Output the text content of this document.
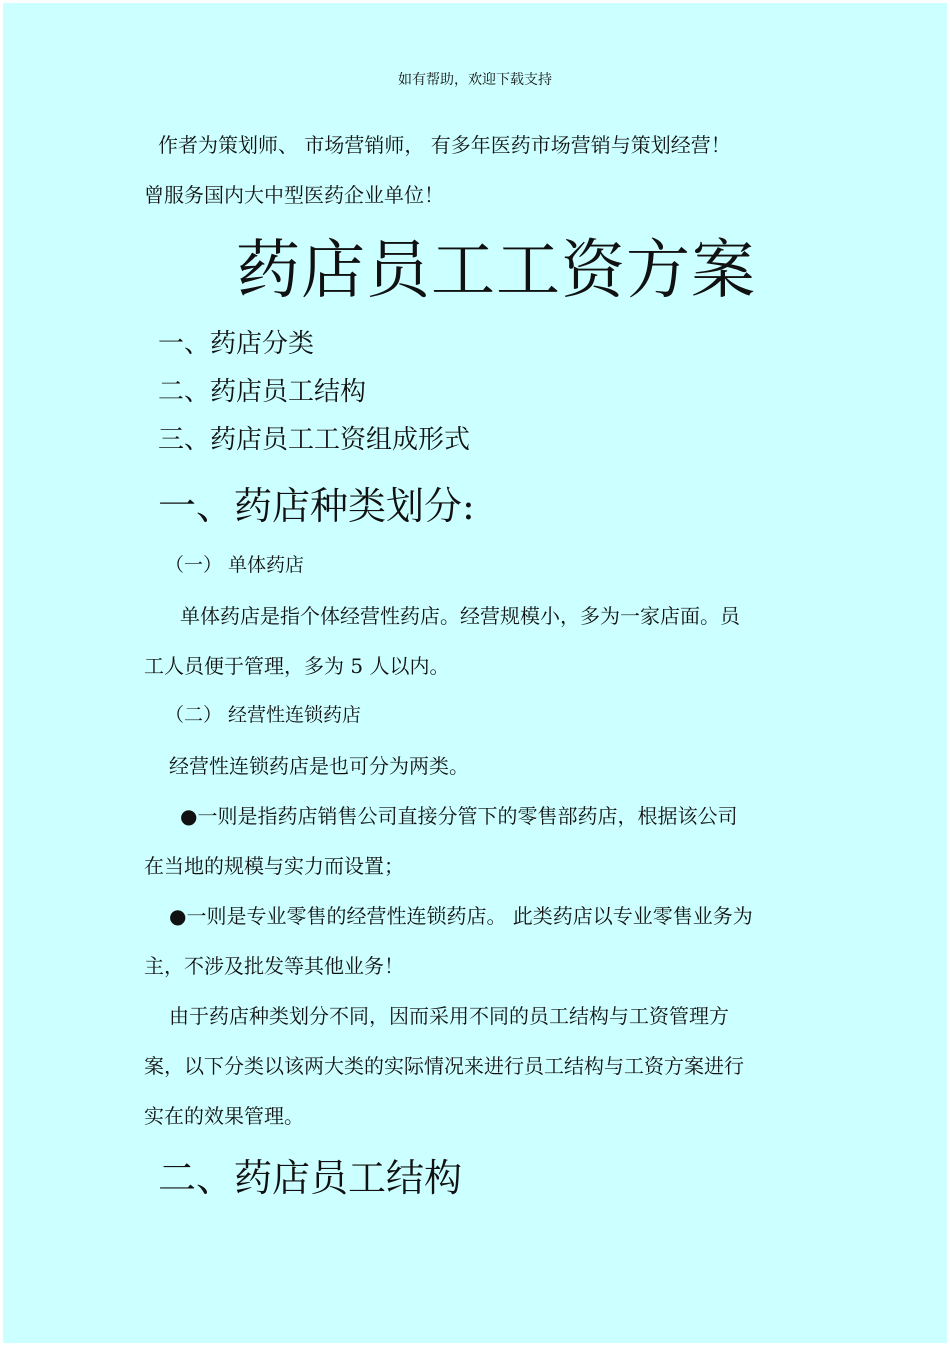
如有帮助，欢迎下载支持
作者为策划师、 市场营销师， 有多年医药市场营销与策划经营！
曾服务国内大中型医药企业单位！
药店员工工资方案
一、药店分类
二、药店员工结构
三、药店员工工资组成形式
一、药店种类划分:
（一） 单体药店
单体药店是指个体经营性药店。经营规模小，多为一家店面。员
工人员便于管理，多为 5 人以内。
（二） 经营性连锁药店
经营性连锁药店是也可分为两类。
●一则是指药店销售公司直接分管下的零售部药店，根据该公司
在当地的规模与实力而设置；
●一则是专业零售的经营性连锁药店。 此类药店以专业零售业务为
主，不涉及批发等其他业务！
由于药店种类划分不同，因而采用不同的员工结构与工资管理方
案，以下分类以该两大类的实际情况来进行员工结构与工资方案进行
实在的效果管理。
二、药店员工结构
